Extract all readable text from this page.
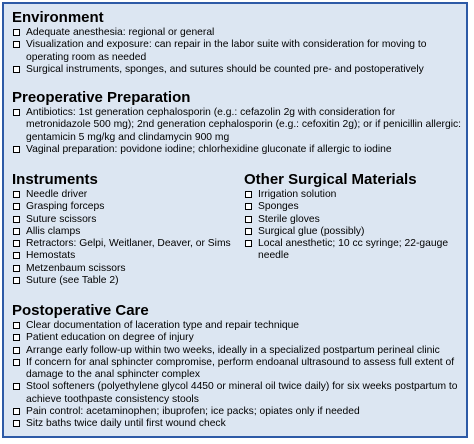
Environment
Adequate anesthesia: regional or general
Visualization and exposure: can repair in the labor suite with consideration for moving to operating room as needed
Surgical instruments, sponges, and sutures should be counted pre- and postoperatively
Preoperative Preparation
Antibiotics: 1st generation cephalosporin (e.g.: cefazolin 2g with consideration for metronidazole 500 mg); 2nd generation cephalosporin (e.g.: cefoxitin 2g); or if penicillin allergic: gentamicin 5 mg/kg and clindamycin 900 mg
Vaginal preparation: povidone iodine; chlorhexidine gluconate if allergic to iodine
Instruments
Needle driver
Grasping forceps
Suture scissors
Allis clamps
Retractors: Gelpi, Weitlaner, Deaver, or Sims
Hemostats
Metzenbaum scissors
Suture (see Table 2)
Other Surgical Materials
Irrigation solution
Sponges
Sterile gloves
Surgical glue (possibly)
Local anesthetic; 10 cc syringe; 22-gauge needle
Postoperative Care
Clear documentation of laceration type and repair technique
Patient education on degree of injury
Arrange early follow-up within two weeks, ideally in a specialized postpartum perineal clinic
If concern for anal sphincter compromise, perform endoanal ultrasound to assess full extent of damage to the anal sphincter complex
Stool softeners (polyethylene glycol 4450 or mineral oil twice daily) for six weeks postpartum to achieve toothpaste consistency stools
Pain control: acetaminophen; ibuprofen; ice packs; opiates only if needed
Sitz baths twice daily until first wound check
